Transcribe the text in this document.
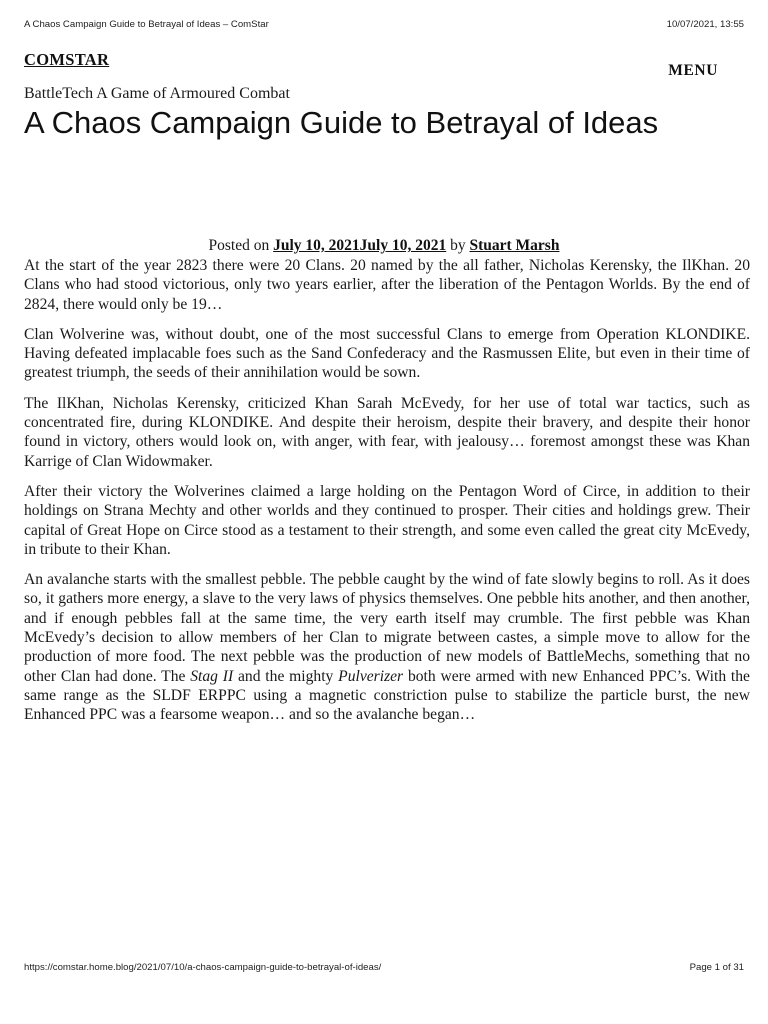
A Chaos Campaign Guide to Betrayal of Ideas – ComStar	10/07/2021, 13:55
COMSTAR
MENU
BattleTech A Game of Armoured Combat
A Chaos Campaign Guide to Betrayal of Ideas
Posted on July 10, 2021July 10, 2021 by Stuart Marsh

At the start of the year 2823 there were 20 Clans. 20 named by the all father, Nicholas Kerensky, the IlKhan. 20 Clans who had stood victorious, only two years earlier, after the liberation of the Pentagon Worlds. By the end of 2824, there would only be 19…

Clan Wolverine was, without doubt, one of the most successful Clans to emerge from Operation KLONDIKE. Having defeated implacable foes such as the Sand Confederacy and the Rasmussen Elite, but even in their time of greatest triumph, the seeds of their annihilation would be sown.

The IlKhan, Nicholas Kerensky, criticized Khan Sarah McEvedy, for her use of total war tactics, such as concentrated fire, during KLONDIKE. And despite their heroism, despite their bravery, and despite their honor found in victory, others would look on, with anger, with fear, with jealousy… foremost amongst these was Khan Karrige of Clan Widowmaker.

After their victory the Wolverines claimed a large holding on the Pentagon Word of Circe, in addition to their holdings on Strana Mechty and other worlds and they continued to prosper. Their cities and holdings grew. Their capital of Great Hope on Circe stood as a testament to their strength, and some even called the great city McEvedy, in tribute to their Khan.

An avalanche starts with the smallest pebble. The pebble caught by the wind of fate slowly begins to roll. As it does so, it gathers more energy, a slave to the very laws of physics themselves. One pebble hits another, and then another, and if enough pebbles fall at the same time, the very earth itself may crumble. The first pebble was Khan McEvedy’s decision to allow members of her Clan to migrate between castes, a simple move to allow for the production of more food. The next pebble was the production of new models of BattleMechs, something that no other Clan had done. The Stag II and the mighty Pulverizer both were armed with new Enhanced PPC’s. With the same range as the SLDF ERPPC using a magnetic constriction pulse to stabilize the particle burst, the new Enhanced PPC was a fearsome weapon… and so the avalanche began…

https://comstar.home.blog/2021/07/10/a-chaos-campaign-guide-to-betrayal-of-ideas/	Page 1 of 31
